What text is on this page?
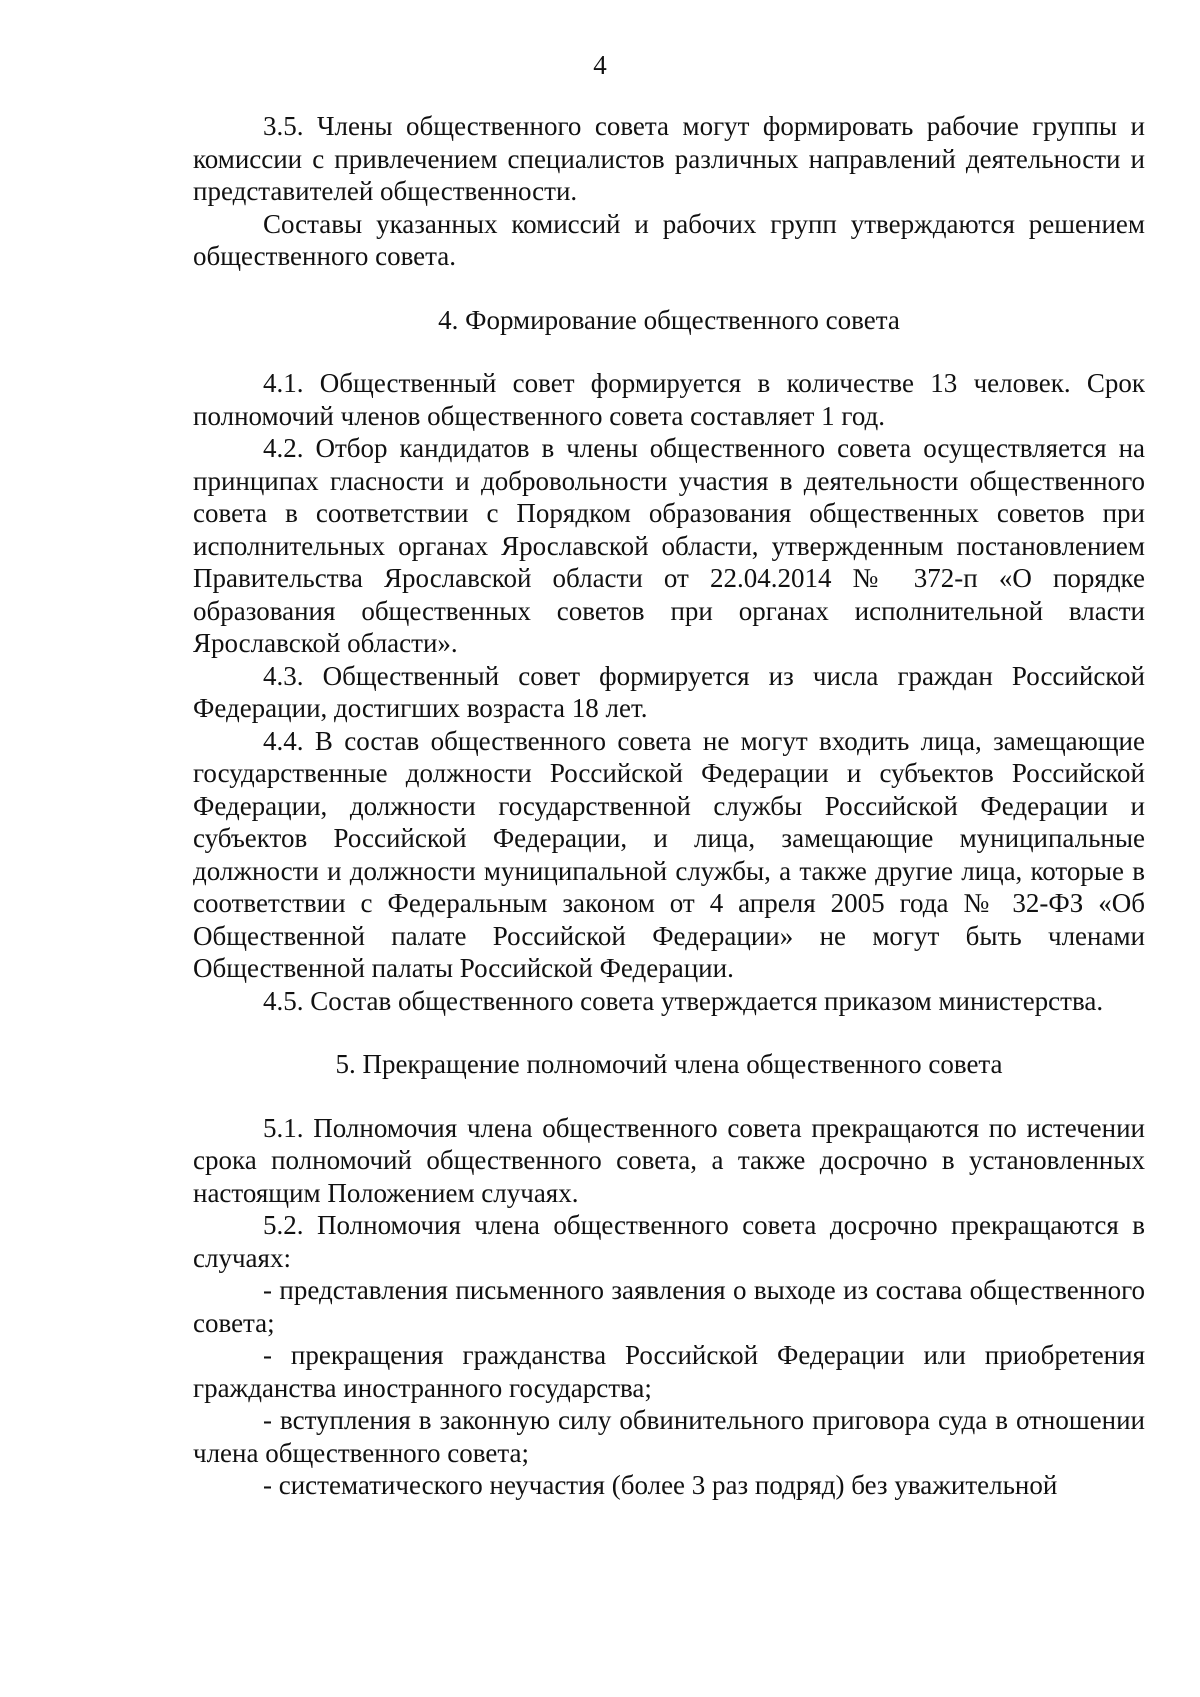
4

3.5. Члены общественного совета могут формировать рабочие группы и комиссии с привлечением специалистов различных направлений деятельности и представителей общественности.

Составы указанных комиссий и рабочих групп утверждаются решением общественного совета.

4. Формирование общественного совета

4.1. Общественный совет формируется в количестве 13 человек. Срок полномочий членов общественного совета составляет 1 год.

4.2. Отбор кандидатов в члены общественного совета осуществляется на принципах гласности и добровольности участия в деятельности общественного совета в соответствии с Порядком образования общественных советов при исполнительных органах Ярославской области, утвержденным постановлением Правительства Ярославской области от 22.04.2014 № 372-п «О порядке образования общественных советов при органах исполнительной власти Ярославской области».

4.3. Общественный совет формируется из числа граждан Российской Федерации, достигших возраста 18 лет.

4.4. В состав общественного совета не могут входить лица, замещающие государственные должности Российской Федерации и субъектов Российской Федерации, должности государственной службы Российской Федерации и субъектов Российской Федерации, и лица, замещающие муниципальные должности и должности муниципальной службы, а также другие лица, которые в соответствии с Федеральным законом от 4 апреля 2005 года № 32-ФЗ «Об Общественной палате Российской Федерации» не могут быть членами Общественной палаты Российской Федерации.

4.5. Состав общественного совета утверждается приказом министерства.

5. Прекращение полномочий члена общественного совета

5.1. Полномочия члена общественного совета прекращаются по истечении срока полномочий общественного совета, а также досрочно в установленных настоящим Положением случаях.

5.2. Полномочия члена общественного совета досрочно прекращаются в случаях:

- представления письменного заявления о выходе из состава общественного совета;

- прекращения гражданства Российской Федерации или приобретения гражданства иностранного государства;

- вступления в законную силу обвинительного приговора суда в отношении члена общественного совета;

- систематического неучастия (более 3 раз подряд) без уважительной
